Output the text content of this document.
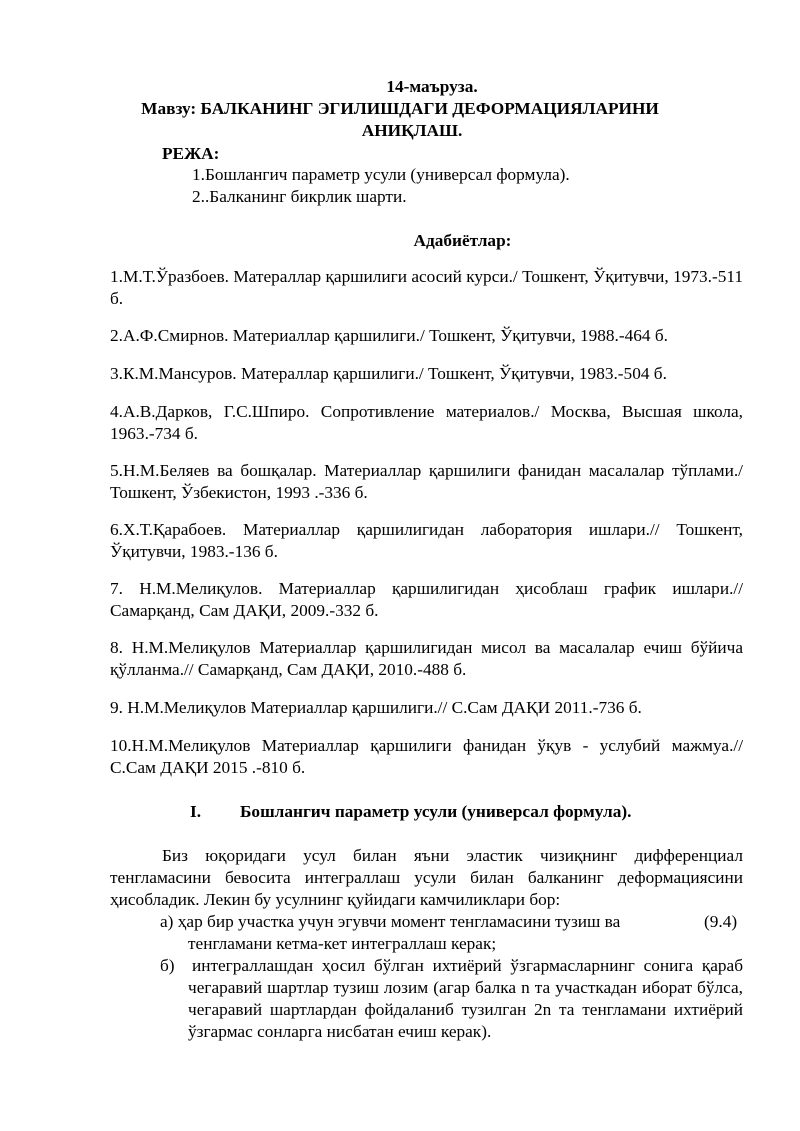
14-маъруза.
Мавзу: БАЛКАНИНГ ЭГИЛИШДАГИ ДЕФОРМАЦИЯЛАРИНИ
АНИҚЛАШ.
РЕЖА:
1.Бошлангич параметр усули (универсал формула).
2..Балканинг бикрлик шарти.
Адабиётлар:
1.М.Т.Ўразбоев. Матераллар қаршилиги асосий курси./ Тошкент, Ўқитувчи, 1973.-511 б.
2.А.Ф.Смирнов. Материаллар қаршилиги./ Тошкент, Ўқитувчи, 1988.-464 б.
3.К.М.Мансуров. Матераллар қаршилиги./ Тошкент, Ўқитувчи, 1983.-504 б.
4.А.В.Дарков, Г.С.Шпиро. Сопротивление материалов./ Москва, Высшая школа, 1963.-734 б.
5.Н.М.Беляев ва бошқалар. Материаллар қаршилиги фанидан масалалар тўплами./ Тошкент, Ўзбекистон, 1993 .-336 б.
6.Х.Т.Қарабоев. Материаллар қаршилигидан лаборатория ишлари.// Тошкент, Ўқитувчи, 1983.-136 б.
7. Н.М.Мелиқулов. Материаллар қаршилигидан ҳисоблаш график ишлари.// Самарқанд, Сам ДАҚИ, 2009.-332 б.
8. Н.М.Мелиқулов Материаллар қаршилигидан мисол ва масалалар ечиш бўйича қўлланма.// Самарқанд, Сам ДАҚИ, 2010.-488 б.
9. Н.М.Мелиқулов Материаллар қаршилиги.// С.Сам ДАҚИ 2011.-736 б.
10.Н.М.Мелиқулов Материаллар қаршилиги фанидан ўқув - услубий мажмуа.// С.Сам ДАҚИ 2015 .-810 б.
I. Бошлангич параметр усули (универсал формула).
Биз юқоридаги усул билан яъни эластик чизиқнинг дифференциал тенгламасини бевосита интеграллаш усули билан балканинг деформациясини ҳисобладик. Лекин бу усулнинг қуйидаги камчиликлари бор:
а) ҳар бир участка учун эгувчи момент тенгламасини тузиш ва
тенгламани кетма-кет интеграллаш керак;
(9.4)
б) интеграллашдан ҳосил бўлган ихтиёрий ўзгармасларнинг сонига қараб чегаравий шартлар тузиш лозим (агар балка n та участкадан иборат бўлса, чегаравий шартлардан фойдаланиб тузилган 2n та тенгламани ихтиёрий ўзгармас сонларга нисбатан ечиш керак).
